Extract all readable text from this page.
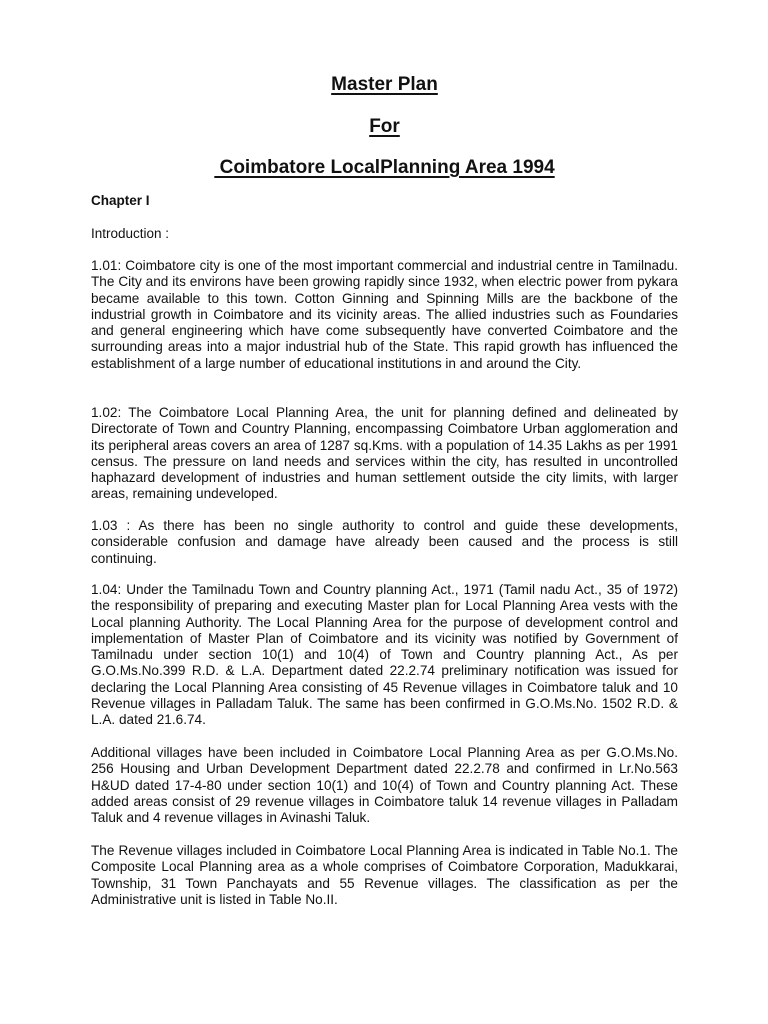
Master Plan
For
Coimbatore LocalPlanning Area 1994
Chapter I
Introduction :

1.01: Coimbatore city is one of the most important commercial and industrial centre in Tamilnadu. The City and its environs have been growing rapidly since 1932, when electric power from pykara became available to this town. Cotton Ginning and Spinning Mills are the backbone of the industrial growth in Coimbatore and its vicinity areas. The allied industries such as Foundaries and general engineering which have come subsequently have converted Coimbatore and the surrounding areas into a major industrial hub of the State. This rapid growth has influenced the establishment of a large number of educational institutions in and around the City.

1.02: The Coimbatore Local Planning Area, the unit for planning defined and delineated by Directorate of Town and Country Planning, encompassing Coimbatore Urban agglomeration and its peripheral areas covers an area of 1287 sq.Kms. with a population of 14.35 Lakhs as per 1991 census. The pressure on land needs and services within the city, has resulted in uncontrolled haphazard development of industries and human settlement outside the city limits, with larger areas, remaining undeveloped.

1.03 : As there has been no single authority to control and guide these developments, considerable confusion and damage have already been caused and the process is still continuing.

1.04: Under the Tamilnadu Town and Country planning Act., 1971 (Tamil nadu Act., 35 of 1972) the responsibility of preparing and executing Master plan for Local Planning Area vests with the Local planning Authority. The Local Planning Area for the purpose of development control and implementation of Master Plan of Coimbatore and its vicinity was notified by Government of Tamilnadu under section 10(1) and 10(4) of Town and Country planning Act., As per G.O.Ms.No.399 R.D. & L.A. Department dated 22.2.74 preliminary notification was issued for declaring the Local Planning Area consisting of 45 Revenue villages in Coimbatore taluk and 10 Revenue villages in Palladam Taluk. The same has been confirmed in G.O.Ms.No. 1502 R.D. & L.A. dated 21.6.74.

Additional villages have been included in Coimbatore Local Planning Area as per G.O.Ms.No. 256 Housing and Urban Development Department dated 22.2.78 and confirmed in Lr.No.563 H&UD dated 17-4-80 under section 10(1) and 10(4) of Town and Country planning Act. These added areas consist of 29 revenue villages in Coimbatore taluk 14 revenue villages in Palladam Taluk and 4 revenue villages in Avinashi Taluk.

The Revenue villages included in Coimbatore Local Planning Area is indicated in Table No.1. The Composite Local Planning area as a whole comprises of Coimbatore Corporation, Madukkarai, Township, 31 Town Panchayats and 55 Revenue villages. The classification as per the Administrative unit is listed in Table No.II.
